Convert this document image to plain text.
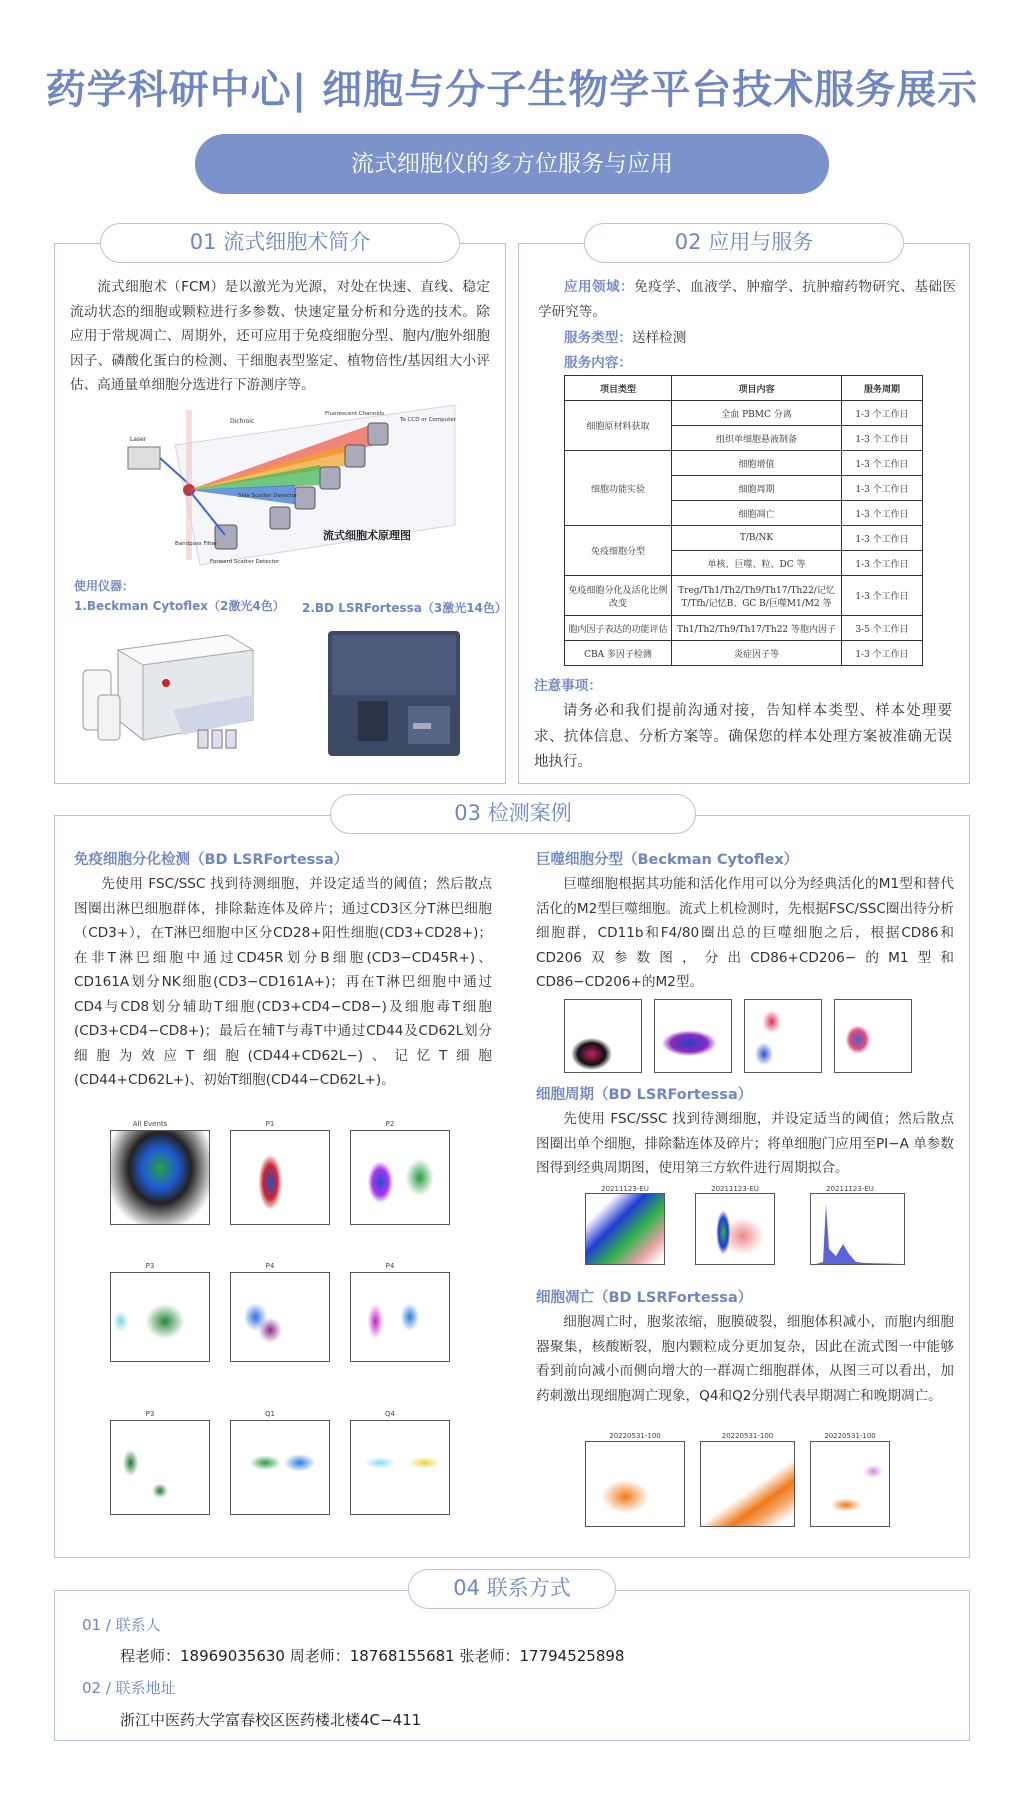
药学科研中心| 细胞与分子生物学平台技术服务展示
流式细胞仪的多方位服务与应用
01 流式细胞术简介
流式细胞术（FCM）是以激光为光源，对处在快速、直线、稳定流动状态的细胞或颗粒进行多参数、快速定量分析和分选的技术。除应用于常规凋亡、周期外，还可应用于免疫细胞分型、胞内/胞外细胞因子、磷酸化蛋白的检测、干细胞表型鉴定、植物倍性/基因组大小评估、高通量单细胞分选进行下游测序等。
Laser
Dichroic
Fluorescent Channels
To CCD or Computer
Side Scatter Detector
Bandpass Filter
Forward Scatter Detector
流式细胞术原理图
使用仪器：
1.Beckman Cytoflex（2激光4色） 2.BD LSRFortessa（3激光14色）
02 应用与服务
应用领域：免疫学、血液学、肿瘤学、抗肿瘤药物研究、基础医学研究等。
服务类型：送样检测
服务内容：
项目类型	项目内容	服务周期
细胞原材料获取	全血 PBMC 分离	1-3 个工作日
	组织单细胞悬液制备	1-3 个工作日
细胞功能实验	细胞增值	1-3 个工作日
	细胞周期	1-3 个工作日
	细胞凋亡	1-3 个工作日
免疫细胞分型	T/B/NK	1-3 个工作日
	单核、巨噬、粒、DC 等	1-3 个工作日
免疫细胞分化及活化比例改变	Treg/Th1/Th2/Th9/Th17/Th22/记忆T/Tfh/记忆B、GC B/巨噬M1/M2 等	1-3 个工作日
胞内因子表达的功能评估	Th1/Th2/Th9/Th17/Th22 等胞内因子	3-5 个工作日
CBA 多因子检测	炎症因子等	1-3 个工作日
注意事项：
请务必和我们提前沟通对接，告知样本类型、样本处理要求、抗体信息、分析方案等。确保您的样本处理方案被准确无误地执行。
03 检测案例
免疫细胞分化检测（BD LSRFortessa）
先使用 FSC/SSC 找到待测细胞，并设定适当的阈值；然后散点图圈出淋巴细胞群体，排除黏连体及碎片；通过CD3区分T淋巴细胞（CD3+），在T淋巴细胞中区分CD28+阳性细胞(CD3+CD28+)；在非T淋巴细胞中通过CD45R划分B细胞(CD3−CD45R+)、CD161A划分NK细胞(CD3−CD161A+)；再在T淋巴细胞中通过CD4与CD8划分辅助T细胞(CD3+CD4−CD8−)及细胞毒T细胞(CD3+CD4−CD8+)；最后在辅T与毒T中通过CD44及CD62L划分细胞为效应T细胞(CD44+CD62L−)、记忆T细胞(CD44+CD62L+)、初始T细胞(CD44−CD62L+)。
All Events	P1	P2
P3	P4	P4
P3	Q1	Q4
巨噬细胞分型（Beckman Cytoflex）
巨噬细胞根据其功能和活化作用可以分为经典活化的M1型和替代活化的M2型巨噬细胞。流式上机检测时，先根据FSC/SSC圈出待分析细胞群，CD11b和F4/80圈出总的巨噬细胞之后，根据CD86和CD206双参数图，分出CD86+CD206−的M1型和CD86−CD206+的M2型。
细胞周期（BD LSRFortessa）
先使用 FSC/SSC 找到待测细胞，并设定适当的阈值；然后散点图圈出单个细胞，排除黏连体及碎片；将单细胞门应用至PI−A 单参数图得到经典周期图，使用第三方软件进行周期拟合。
20211123-EU	20211123-EU	20211123-EU
细胞凋亡（BD LSRFortessa）
细胞凋亡时，胞浆浓缩，胞膜破裂，细胞体积减小，而胞内细胞器聚集，核酸断裂，胞内颗粒成分更加复杂，因此在流式图一中能够看到前向减小而侧向增大的一群凋亡细胞群体，从图三可以看出，加药刺激出现细胞凋亡现象，Q4和Q2分别代表早期凋亡和晚期凋亡。
20220531-100	20220531-100	20220531-100
04 联系方式
01 / 联系人
程老师：18969035630 周老师：18768155681 张老师：17794525898
02 / 联系地址
浙江中医药大学富春校区医药楼北楼4C−411
